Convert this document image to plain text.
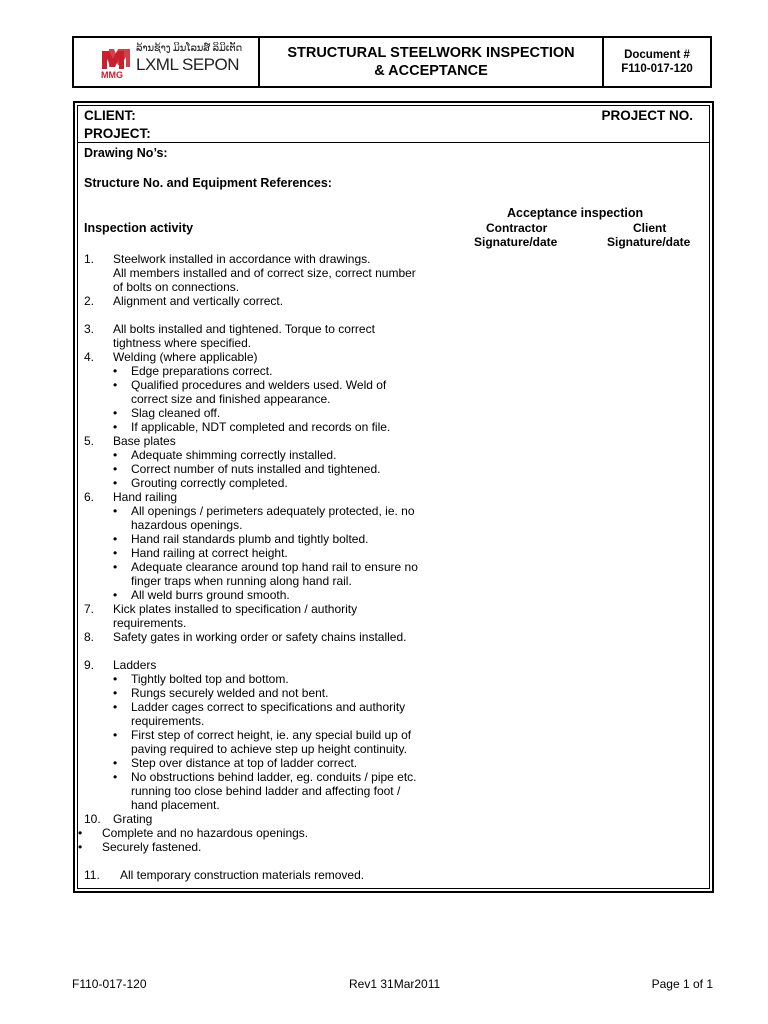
MMG
ລ້ານຊ້າງ ມິນໂລນສ໌ ລິມິເຕັດ
LXML SEPON
STRUCTURAL STEELWORK INSPECTION
& ACCEPTANCE
Document #
F110-017-120
CLIENT:	PROJECT NO.
PROJECT:
Drawing No’s:
Structure No. and Equipment References:
Inspection activity
Acceptance inspection
Contractor	Client
Signature/date	Signature/date
1.	Steelwork installed in accordance with drawings.
All members installed and of correct size, correct number
of bolts on connections.
2.	Alignment and vertically correct.
3.	All bolts installed and tightened. Torque to correct
tightness where specified.
4.	Welding (where applicable)
•	Edge preparations correct.
•	Qualified procedures and welders used. Weld of
correct size and finished appearance.
•	Slag cleaned off.
•	If applicable, NDT completed and records on file.
5.	Base plates
•	Adequate shimming correctly installed.
•	Correct number of nuts installed and tightened.
•	Grouting correctly completed.
6.	Hand railing
•	All openings / perimeters adequately protected, ie. no
hazardous openings.
•	Hand rail standards plumb and tightly bolted.
•	Hand railing at correct height.
•	Adequate clearance around top hand rail to ensure no
finger traps when running along hand rail.
•	All weld burrs ground smooth.
7.	Kick plates installed to specification / authority
requirements.
8.	Safety gates in working order or safety chains installed.
9.	Ladders
•	Tightly bolted top and bottom.
•	Rungs securely welded and not bent.
•	Ladder cages correct to specifications and authority
requirements.
•	First step of correct height, ie. any special build up of
paving required to achieve step up height continuity.
•	Step over distance at top of ladder correct.
•	No obstructions behind ladder, eg. conduits / pipe etc.
running too close behind ladder and affecting foot /
hand placement.
10.	Grating
•	Complete and no hazardous openings.
•	Securely fastened.
11.	All temporary construction materials removed.
F110-017-120	Rev1 31Mar2011	Page 1 of 1
